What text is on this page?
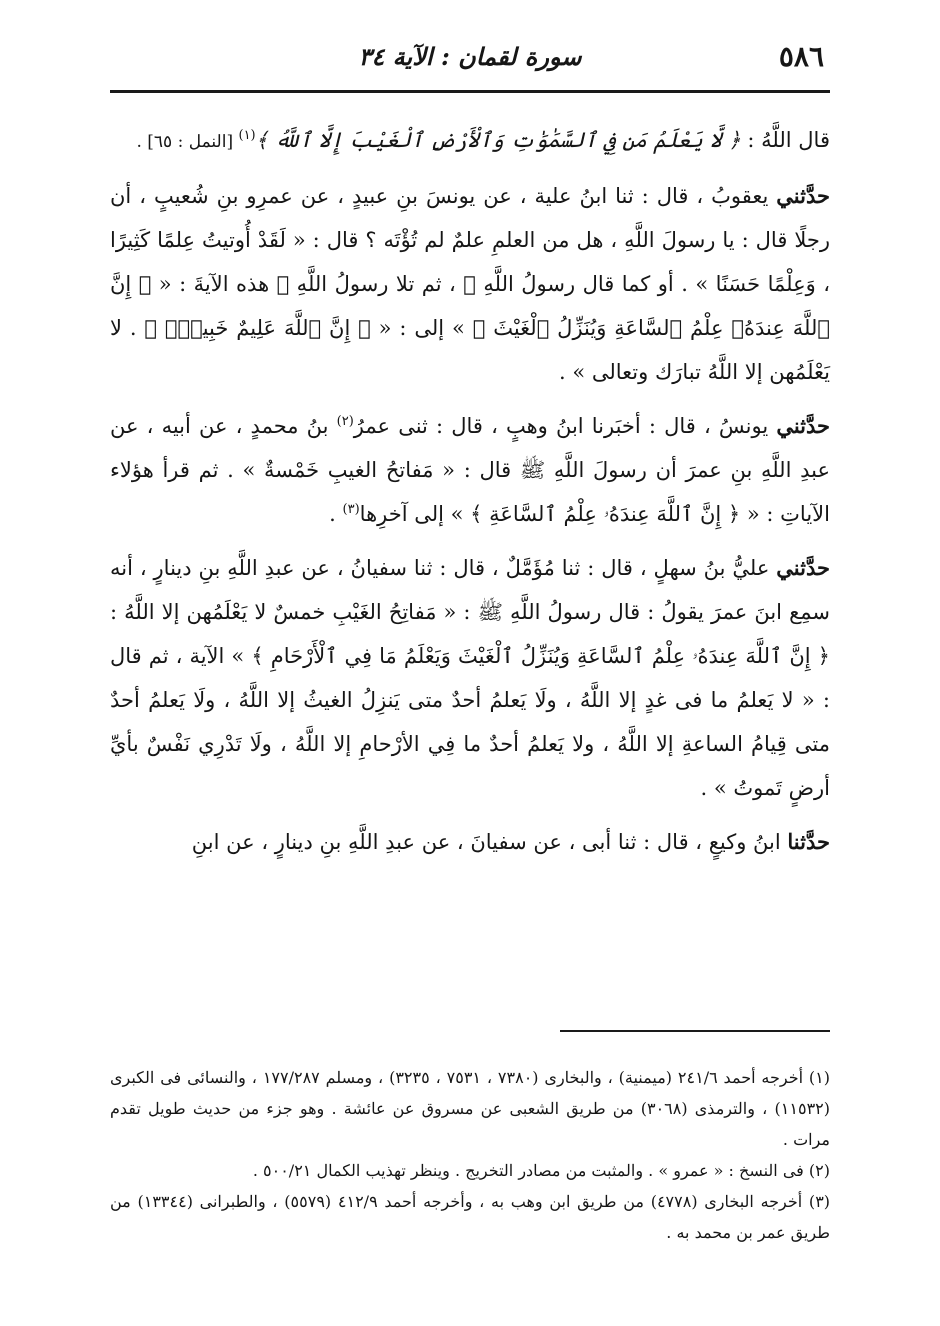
٥٨٦
سورة لقمان : الآية ٣٤

قال اللَّهُ : ﴿ لَّا يَعْلَمُ مَن فِي ٱلسَّمَٰوَٰتِ وَٱلْأَرْضِ ٱلْغَيْبَ إِلَّا ٱللَّهُ ﴾$^{(١)}$ [النمل : ٦٥] .

حدَّثني يعقوبُ ، قال : ثنا ابنُ علية ، عن يونسَ بنِ عبيدٍ ، عن عمرِو بنِ شُعيبٍ ، أن رجلًا قال : يا رسولَ اللَّهِ ، هل من العلمِ علمٌ لم تُؤْتَه ؟ قال : « لَقَدْ أُوتيتُ عِلمًا كَثِيرًا ، وَعِلْمًا حَسَنًا » . أو كما قال رسولُ اللَّهِ ﷺ ، ثم تلا رسولُ اللَّهِ ﷺ هذه الآيةَ : « ﴿ إِنَّ ٱللَّهَ عِندَهُۥ عِلْمُ ٱلسَّاعَةِ وَيُنَزِّلُ ٱلْغَيْثَ ﴾ » إلى : « ﴿ إِنَّ ٱللَّهَ عَلِيمٌ خَبِيرٌۢ ﴾ . لا يَعْلَمُهن إلا اللَّهُ تبارَك وتعالى » .

حدَّثني يونسُ ، قال : أخبَرنا ابنُ وهبٍ ، قال : ثنى عمرُ$^{(٢)}$ بنُ محمدٍ ، عن أبيه ، عن عبدِ اللَّهِ بنِ عمرَ أن رسولَ اللَّهِ ﷺ قال : « مَفاتحُ الغيبِ خَمْسةٌ » . ثم قرأ هؤلاء الآياتِ : « ﴿ إِنَّ ٱللَّهَ عِندَهُۥ عِلْمُ ٱلسَّاعَةِ ﴾ » إلى آخرِها$^{(٣)}$ .

حدَّثني عليُّ بنُ سهلٍ ، قال : ثنا مُؤَمَّلٌ ، قال : ثنا سفيانُ ، عن عبدِ اللَّهِ بنِ دينارٍ ، أنه سمِع ابنَ عمرَ يقولُ : قال رسولُ اللَّهِ ﷺ : « مَفاتِحُ الغَيْبِ خمسٌ لا يَعْلَمُهن إلا اللَّهُ : ﴿ إِنَّ ٱللَّهَ عِندَهُۥ عِلْمُ ٱلسَّاعَةِ وَيُنَزِّلُ ٱلْغَيْثَ وَيَعْلَمُ مَا فِي ٱلْأَرْحَامِ ﴾ » الآية ، ثم قال : « لا يَعلمُ ما فى غدٍ إلا اللَّهُ ، ولَا يَعلمُ أحدٌ متى يَنزِلُ الغيثُ إلا اللَّهُ ، ولَا يَعلمُ أحدٌ متى قِيامُ الساعةِ إلا اللَّهُ ، ولا يَعلمُ أحدٌ ما فِي الأرْحامِ إلا اللَّهُ ، ولَا تَدْرِي نَفْسٌ بأيِّ أرضٍ تَموتُ » .

حدَّثنا ابنُ وكيعٍ ، قال : ثنا أبى ، عن سفيانَ ، عن عبدِ اللَّهِ بنِ دينارٍ ، عن ابنِ

(١) أخرجه أحمد ٢٤١/٦ (ميمنية) ، والبخارى (٧٣٨٠ ، ٧٥٣١ ، ٣٢٣٥) ، ومسلم ١٧٧/٢٨٧ ، والنسائى فى الكبرى (١١٥٣٢) ، والترمذى (٣٠٦٨) من طريق الشعبى عن مسروق عن عائشة . وهو جزء من حديث طويل تقدم مرات .

(٢) فى النسخ : « عمرو » . والمثبت من مصادر التخريج . وينظر تهذيب الكمال ٥٠٠/٢١ .

(٣) أخرجه البخارى (٤٧٧٨) من طريق ابن وهب به ، وأخرجه أحمد ٤١٢/٩ (٥٥٧٩) ، والطبرانى (١٣٣٤٤) من طريق عمر بن محمد به .
